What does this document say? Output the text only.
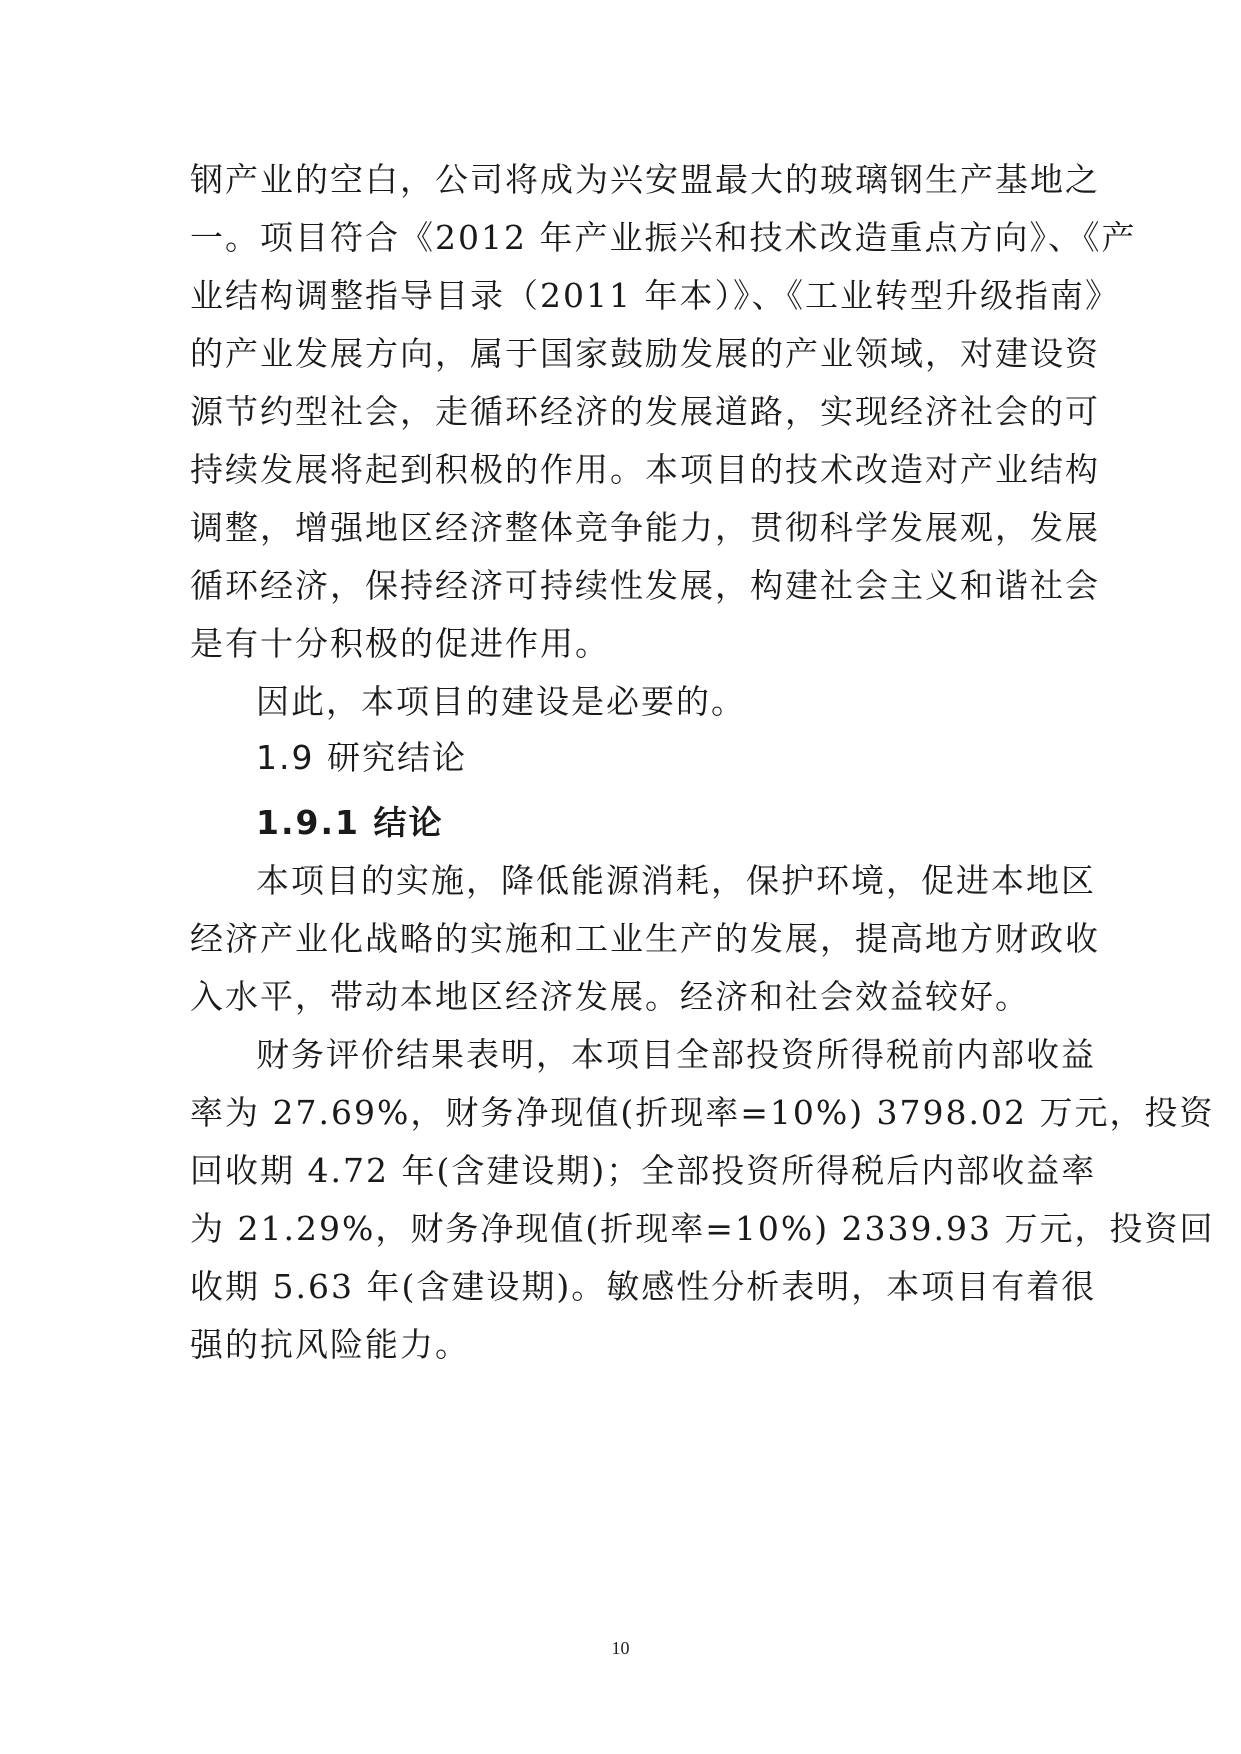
钢产业的空白，公司将成为兴安盟最大的玻璃钢生产基地之
一。项目符合《2012 年产业振兴和技术改造重点方向》、《产
业结构调整指导目录（2011 年本）》、《工业转型升级指南》
的产业发展方向，属于国家鼓励发展的产业领域，对建设资
源节约型社会，走循环经济的发展道路，实现经济社会的可
持续发展将起到积极的作用。本项目的技术改造对产业结构
调整，增强地区经济整体竞争能力，贯彻科学发展观，发展
循环经济，保持经济可持续性发展，构建社会主义和谐社会
是有十分积极的促进作用。
因此，本项目的建设是必要的。
1.9 研究结论
1.9.1 结论
本项目的实施，降低能源消耗，保护环境，促进本地区
经济产业化战略的实施和工业生产的发展，提高地方财政收
入水平，带动本地区经济发展。经济和社会效益较好。
财务评价结果表明，本项目全部投资所得税前内部收益
率为 27.69%，财务净现值(折现率=10%) 3798.02 万元，投资
回收期 4.72 年(含建设期)；全部投资所得税后内部收益率
为 21.29%，财务净现值(折现率=10%) 2339.93 万元，投资回
收期 5.63 年(含建设期)。敏感性分析表明，本项目有着很
强的抗风险能力。
10
